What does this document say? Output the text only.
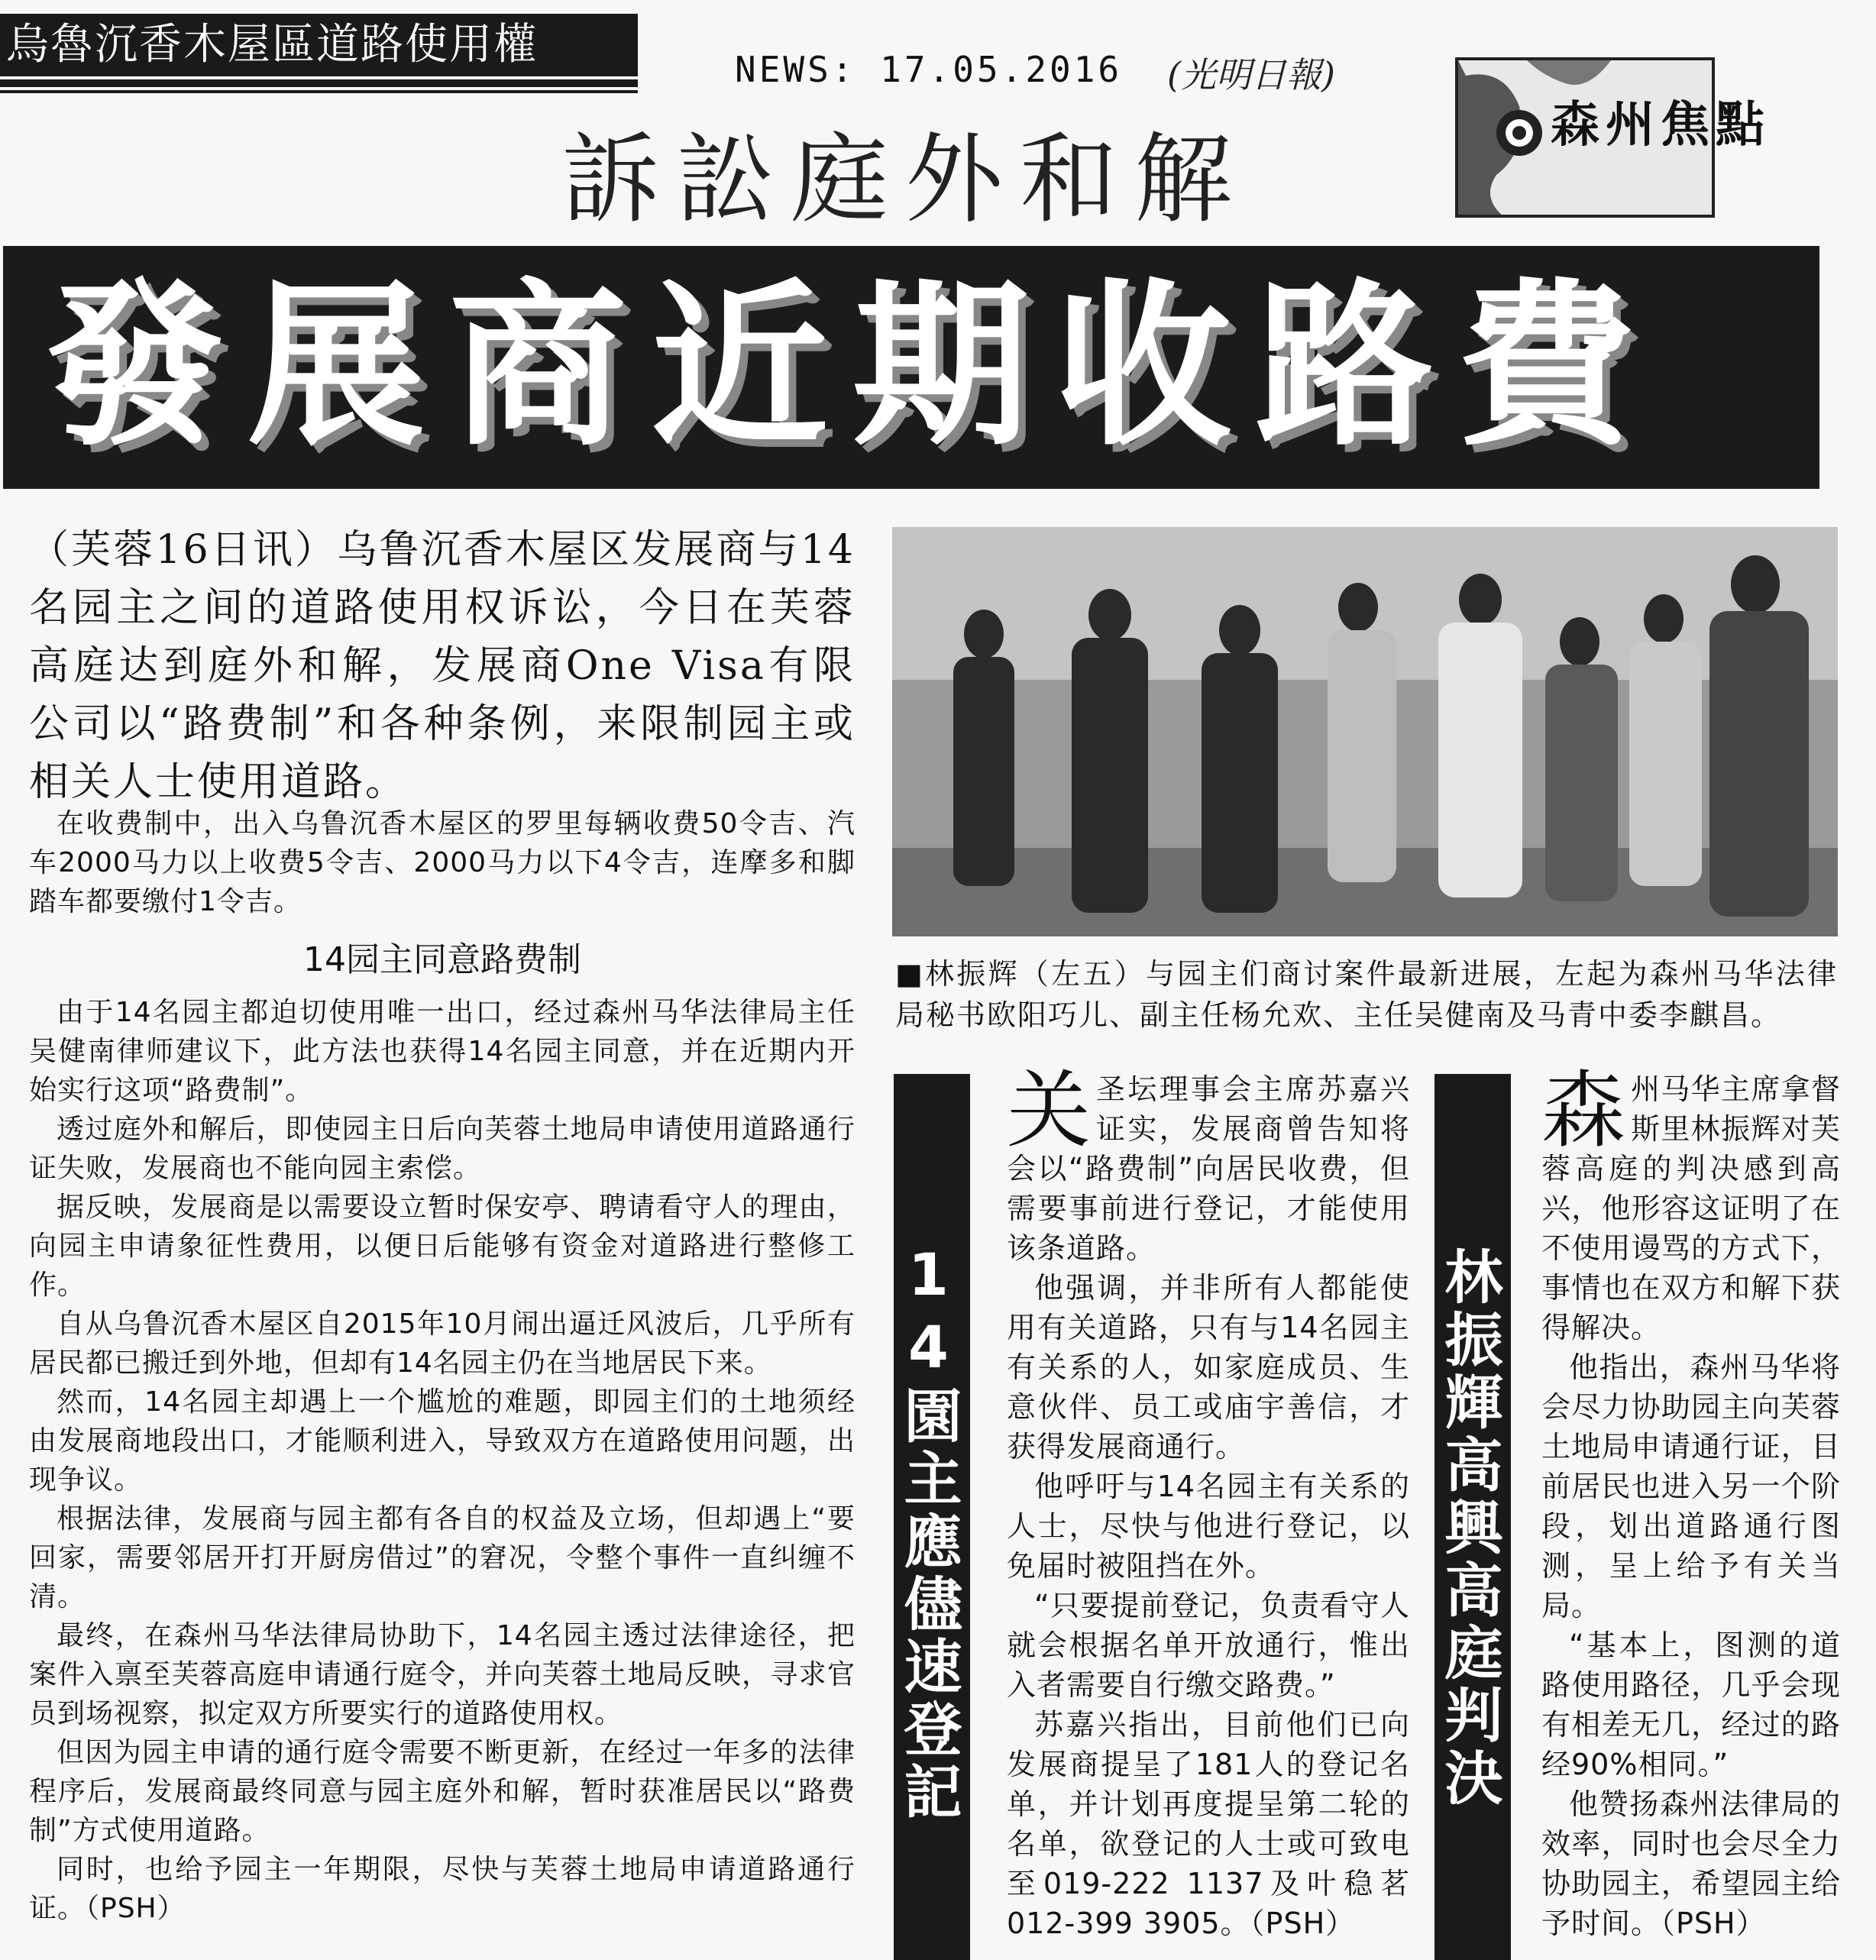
烏魯沉香木屋區道路使用權	NEWS: 17.05.2016 (光明日報)
訴訟庭外和解	森州焦點
發展商近期收路費
（芙蓉16日讯）乌鲁沉香木屋区发展商与14名园主之间的道路使用权诉讼，今日在芙蓉高庭达到庭外和解，发展商One Visa有限公司以“路费制”和各种条例，来限制园主或相关人士使用道路。

在收费制中，出入乌鲁沉香木屋区的罗里每辆收费50令吉、汽车2000马力以上收费5令吉、2000马力以下4令吉，连摩多和脚踏车都要缴付1令吉。

14园主同意路费制

由于14名园主都迫切使用唯一出口，经过森州马华法律局主任吴健南律师建议下，此方法也获得14名园主同意，并在近期内开始实行这项“路费制”。

透过庭外和解后，即使园主日后向芙蓉土地局申请使用道路通行证失败，发展商也不能向园主索偿。

据反映，发展商是以需要设立暂时保安亭、聘请看守人的理由，向园主申请象征性费用，以便日后能够有资金对道路进行整修工作。

自从乌鲁沉香木屋区自2015年10月闹出逼迁风波后，几乎所有居民都已搬迁到外地，但却有14名园主仍在当地居民下来。

然而，14名园主却遇上一个尴尬的难题，即园主们的土地须经由发展商地段出口，才能顺利进入，导致双方在道路使用问题，出现争议。

根据法律，发展商与园主都有各自的权益及立场，但却遇上“要回家，需要邻居开打开厨房借过”的窘况，令整个事件一直纠缠不清。

最终，在森州马华法律局协助下，14名园主透过法律途径，把案件入禀至芙蓉高庭申请通行庭令，并向芙蓉土地局反映，寻求官员到场视察，拟定双方所要实行的道路使用权。

但因为园主申请的通行庭令需要不断更新，在经过一年多的法律程序后，发展商最终同意与园主庭外和解，暂时获准居民以“路费制”方式使用道路。

同时，也给予园主一年期限，尽快与芙蓉土地局申请道路通行证。（PSH）

■林振辉（左五）与园主们商讨案件最新进展，左起为森州马华法律局秘书欧阳巧儿、副主任杨允欢、主任吴健南及马青中委李麒昌。
14園主應儘速登記

关圣坛理事会主席苏嘉兴证实，发展商曾告知将会以“路费制”向居民收费，但需要事前进行登记，才能使用该条道路。

他强调，并非所有人都能使用有关道路，只有与14名园主有关系的人，如家庭成员、生意伙伴、员工或庙宇善信，才获得发展商通行。

他呼吁与14名园主有关系的人士，尽快与他进行登记，以免届时被阻挡在外。

“只要提前登记，负责看守人就会根据名单开放通行，惟出入者需要自行缴交路费。”

苏嘉兴指出，目前他们已向发展商提呈了181人的登记名单，并计划再度提呈第二轮的名单，欲登记的人士或可致电至019-222 1137及叶稳茗012-399 3905。（PSH）

林振輝高興高庭判決

森州马华主席拿督斯里林振辉对芙蓉高庭的判决感到高兴，他形容这证明了在不使用谩骂的方式下，事情也在双方和解下获得解决。

他指出，森州马华将会尽力协助园主向芙蓉土地局申请通行证，目前居民也进入另一个阶段，划出道路通行图测，呈上给予有关当局。

“基本上，图测的道路使用路径，几乎会现有相差无几，经过的路经90%相同。”

他赞扬森州法律局的效率，同时也会尽全力协助园主，希望园主给予时间。（PSH）
